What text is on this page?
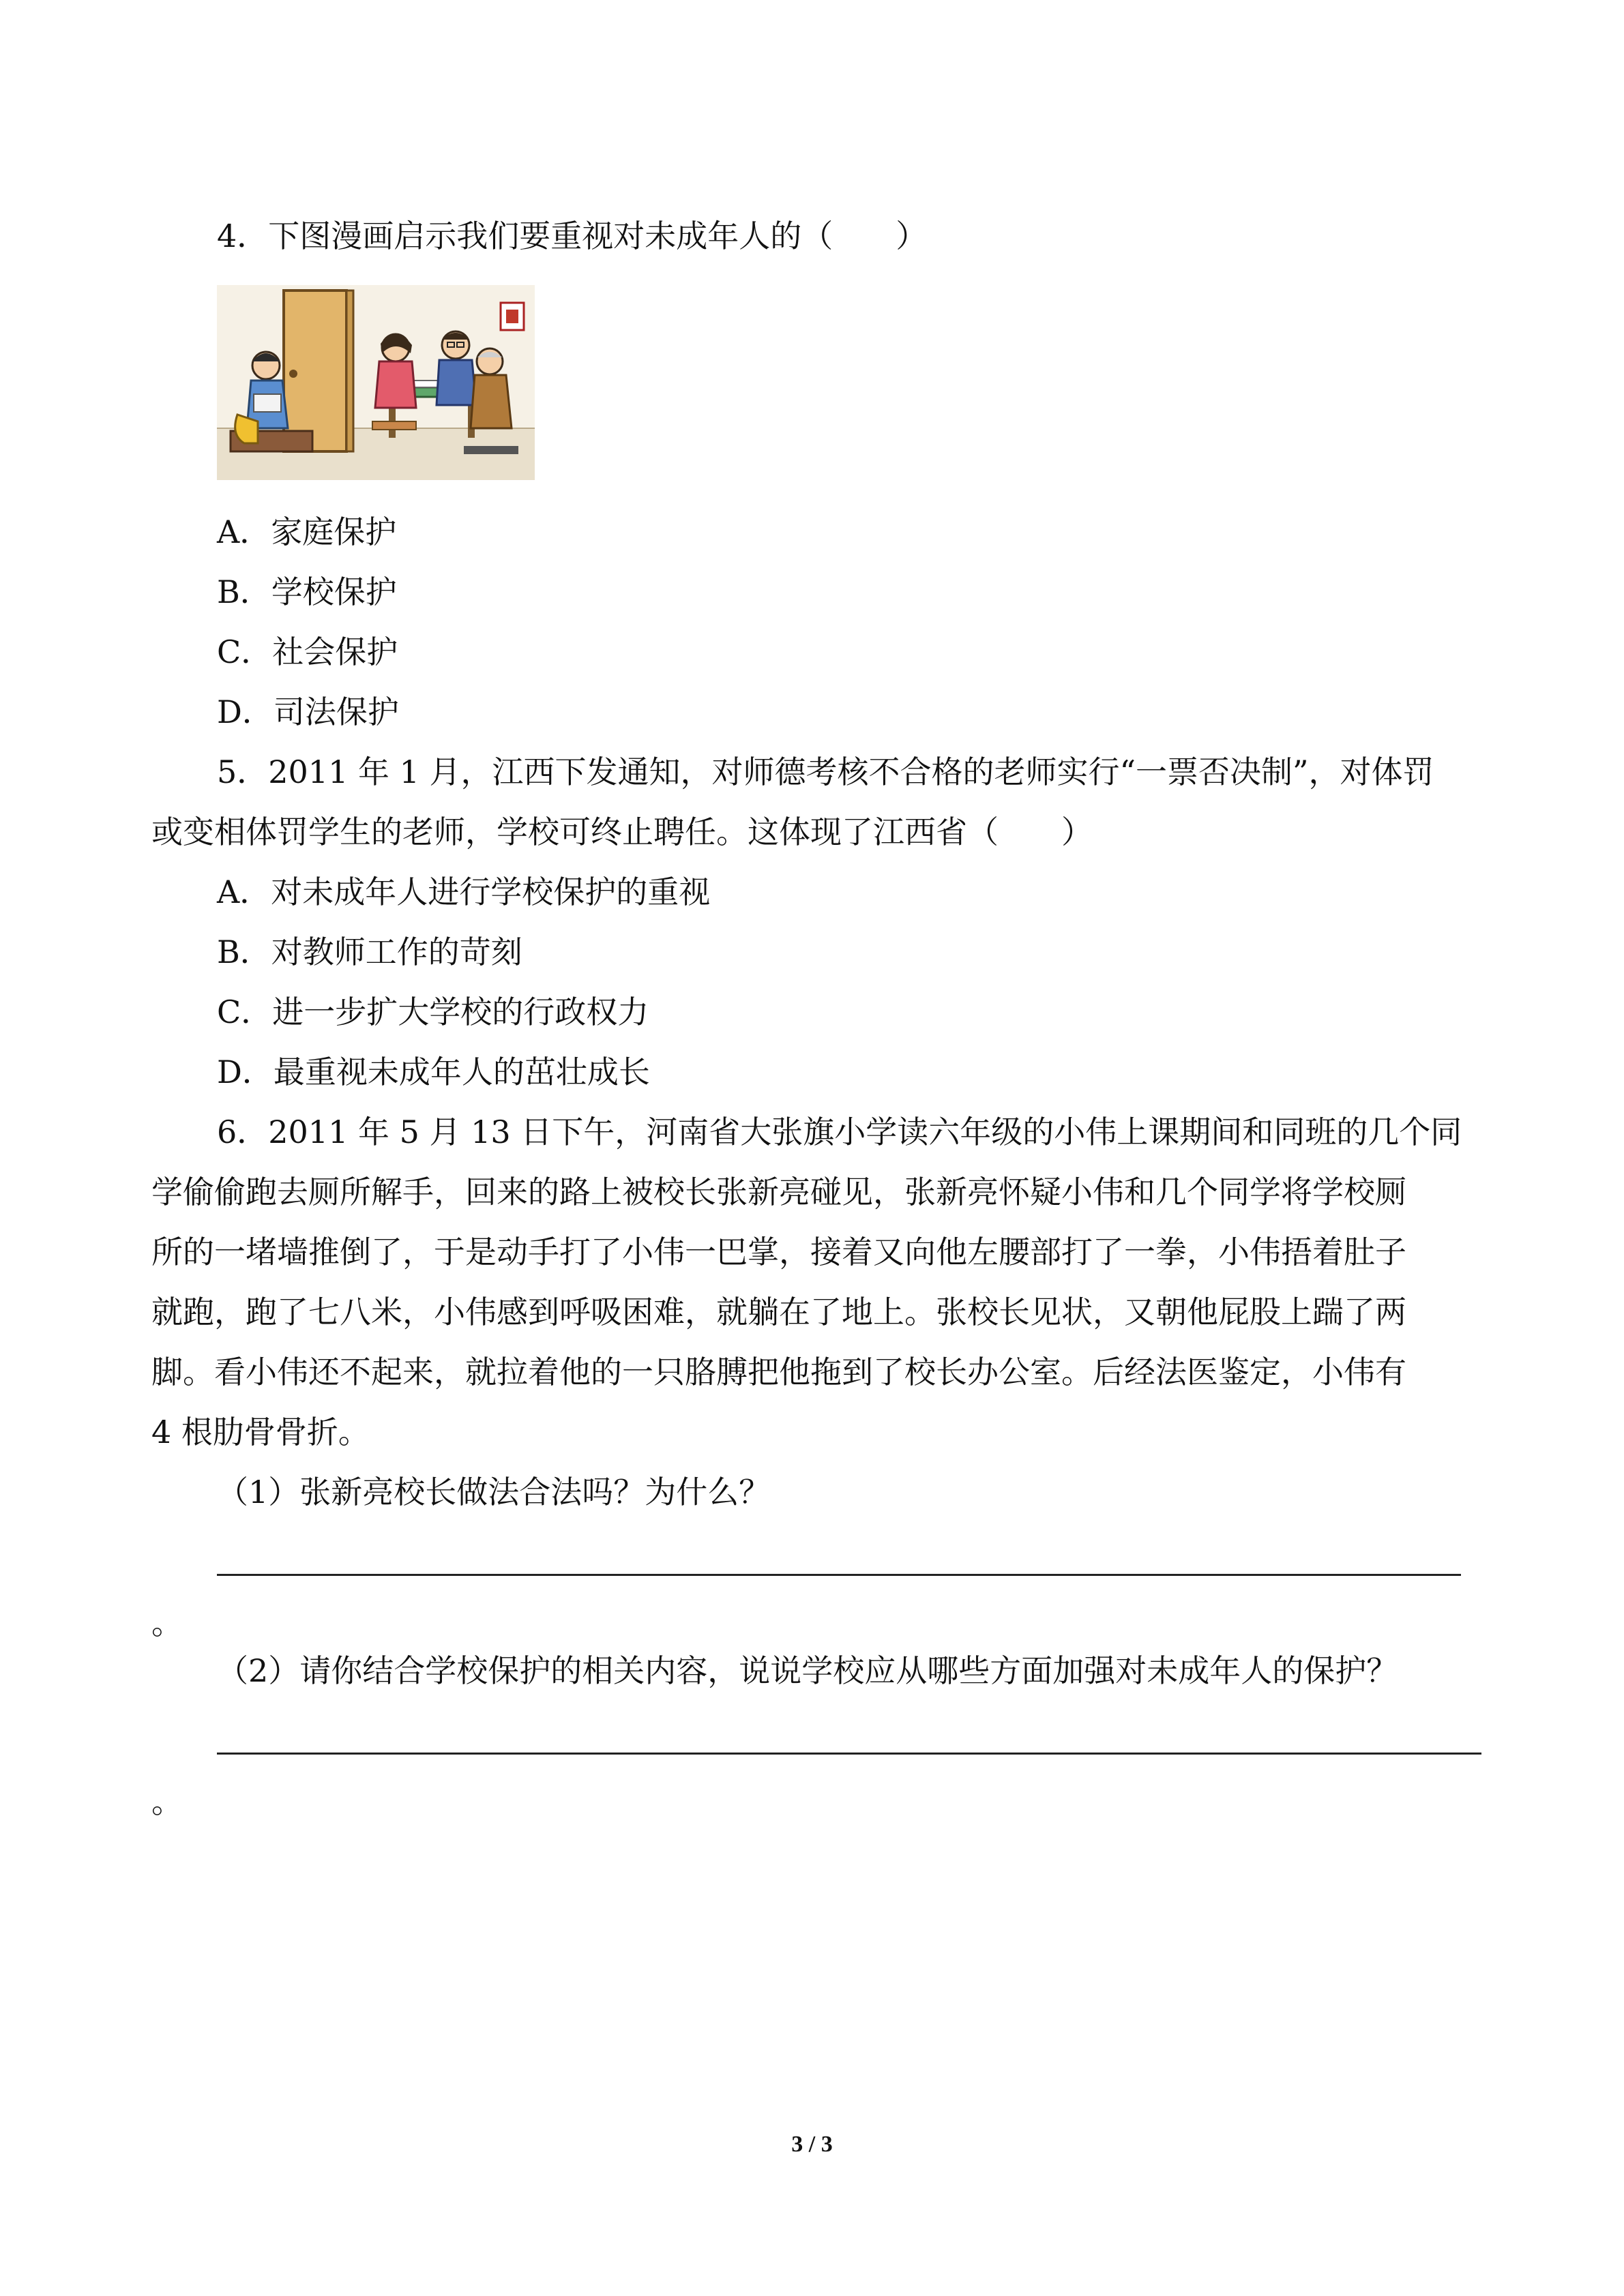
4．下图漫画启示我们要重视对未成年人的（　　）
A．家庭保护
B．学校保护
C．社会保护
D．司法保护
5．2011 年 1 月，江西下发通知，对师德考核不合格的老师实行“一票否决制”，对体罚
或变相体罚学生的老师，学校可终止聘任。这体现了江西省（　　）
A．对未成年人进行学校保护的重视
B．对教师工作的苛刻
C．进一步扩大学校的行政权力
D．最重视未成年人的茁壮成长
6．2011 年 5 月 13 日下午，河南省大张旗小学读六年级的小伟上课期间和同班的几个同
学偷偷跑去厕所解手，回来的路上被校长张新亮碰见，张新亮怀疑小伟和几个同学将学校厕
所的一堵墙推倒了，于是动手打了小伟一巴掌，接着又向他左腰部打了一拳，小伟捂着肚子
就跑，跑了七八米，小伟感到呼吸困难，就躺在了地上。张校长见状，又朝他屁股上踹了两
脚。看小伟还不起来，就拉着他的一只胳膊把他拖到了校长办公室。后经法医鉴定，小伟有
4 根肋骨骨折。
（1）张新亮校长做法合法吗？为什么？
。
（2）请你结合学校保护的相关内容，说说学校应从哪些方面加强对未成年人的保护？
。
3 / 3
